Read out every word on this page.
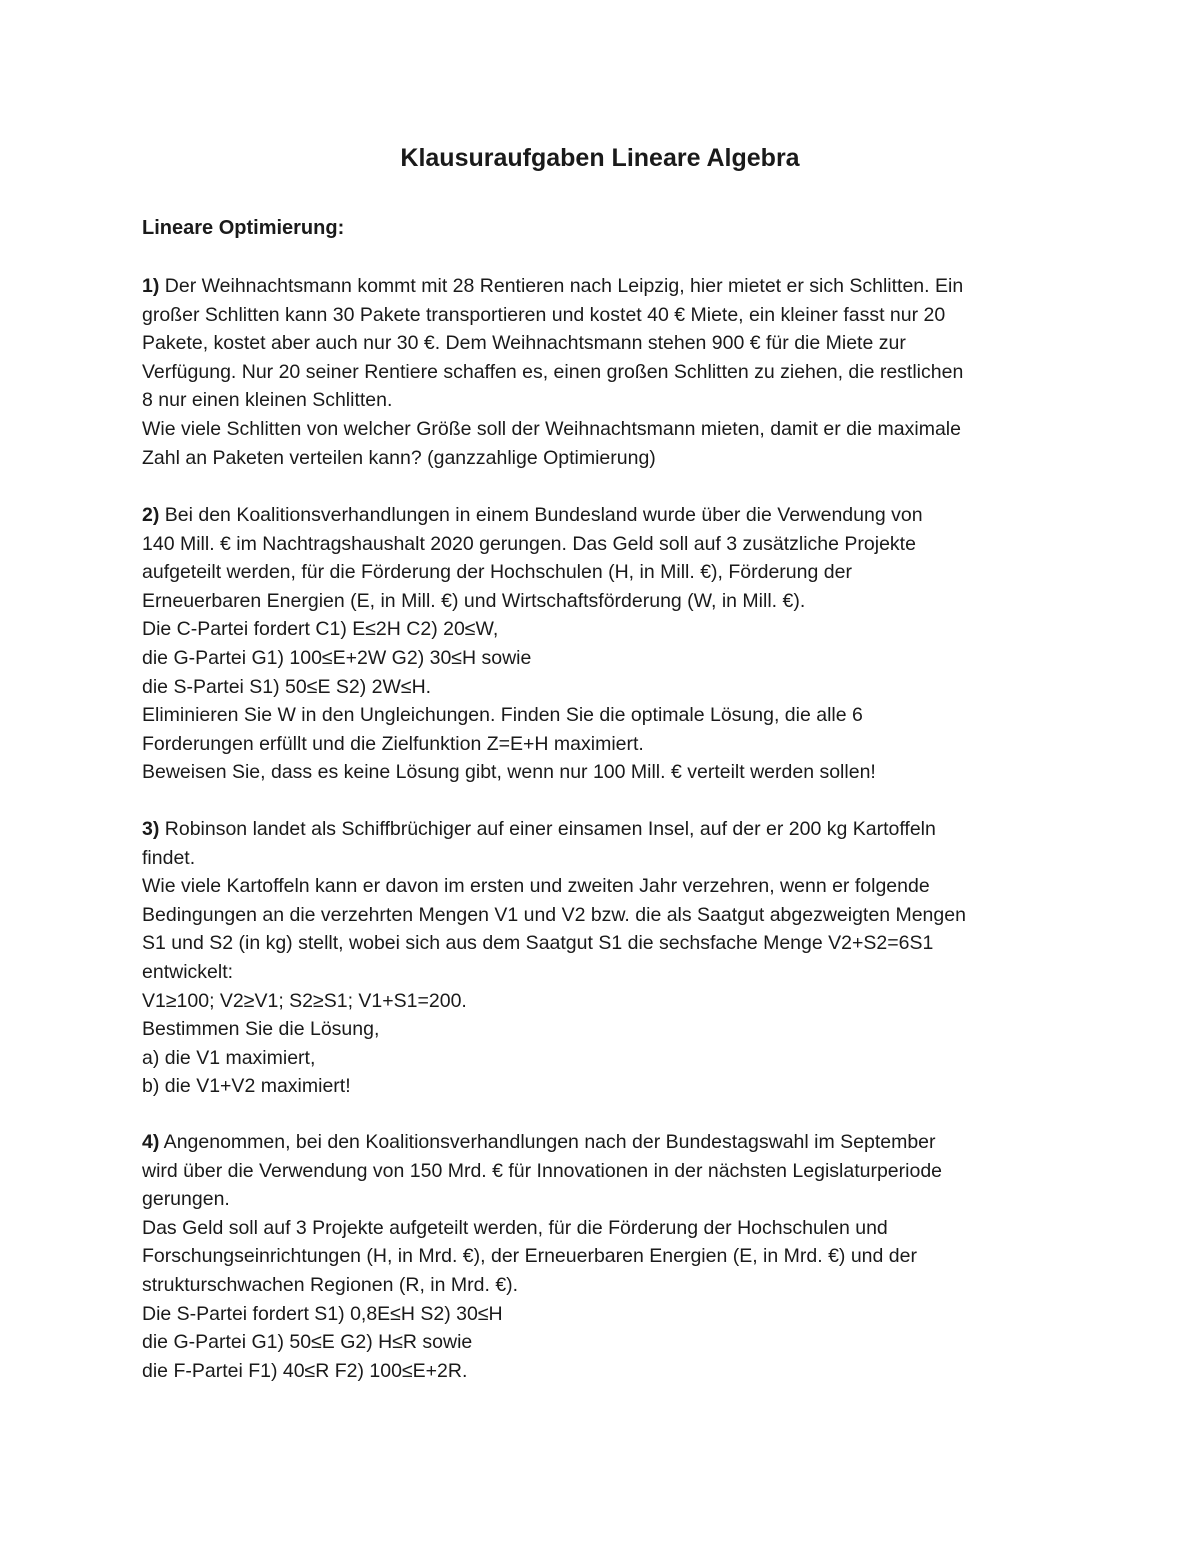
Klausuraufgaben Lineare Algebra
Lineare Optimierung:
1) Der Weihnachtsmann kommt mit 28 Rentieren nach Leipzig, hier mietet er sich Schlitten. Ein
großer Schlitten kann 30 Pakete transportieren und kostet 40 € Miete, ein kleiner fasst nur 20
Pakete, kostet aber auch nur 30 €. Dem Weihnachtsmann stehen 900 € für die Miete zur
Verfügung. Nur 20 seiner Rentiere schaffen es, einen großen Schlitten zu ziehen, die restlichen
8 nur einen kleinen Schlitten.
Wie viele Schlitten von welcher Größe soll der Weihnachtsmann mieten, damit er die maximale
Zahl an Paketen verteilen kann? (ganzzahlige Optimierung)
2) Bei den Koalitionsverhandlungen in einem Bundesland wurde über die Verwendung von
140 Mill. € im Nachtragshaushalt 2020 gerungen. Das Geld soll auf 3 zusätzliche Projekte
aufgeteilt werden, für die Förderung der Hochschulen (H, in Mill. €), Förderung der
Erneuerbaren Energien (E, in Mill. €) und Wirtschaftsförderung (W, in Mill. €).
Die C-Partei fordert C1) E≤2H C2) 20≤W,
die G-Partei G1) 100≤E+2W G2) 30≤H sowie
die S-Partei S1) 50≤E S2) 2W≤H.
Eliminieren Sie W in den Ungleichungen. Finden Sie die optimale Lösung, die alle 6
Forderungen erfüllt und die Zielfunktion Z=E+H maximiert.
Beweisen Sie, dass es keine Lösung gibt, wenn nur 100 Mill. € verteilt werden sollen!
3) Robinson landet als Schiffbrüchiger auf einer einsamen Insel, auf der er 200 kg Kartoffeln
findet.
Wie viele Kartoffeln kann er davon im ersten und zweiten Jahr verzehren, wenn er folgende
Bedingungen an die verzehrten Mengen V1 und V2 bzw. die als Saatgut abgezweigten Mengen
S1 und S2 (in kg) stellt, wobei sich aus dem Saatgut S1 die sechsfache Menge V2+S2=6S1
entwickelt:
V1≥100; V2≥V1; S2≥S1; V1+S1=200.
Bestimmen Sie die Lösung,
a) die V1 maximiert,
b) die V1+V2 maximiert!
4) Angenommen, bei den Koalitionsverhandlungen nach der Bundestagswahl im September
wird über die Verwendung von 150 Mrd. € für Innovationen in der nächsten Legislaturperiode
gerungen.
Das Geld soll auf 3 Projekte aufgeteilt werden, für die Förderung der Hochschulen und
Forschungseinrichtungen (H, in Mrd. €), der Erneuerbaren Energien (E, in Mrd. €) und der
strukturschwachen Regionen (R, in Mrd. €).
Die S-Partei fordert S1) 0,8E≤H S2) 30≤H
die G-Partei G1) 50≤E G2) H≤R sowie
die F-Partei F1) 40≤R F2) 100≤E+2R.
